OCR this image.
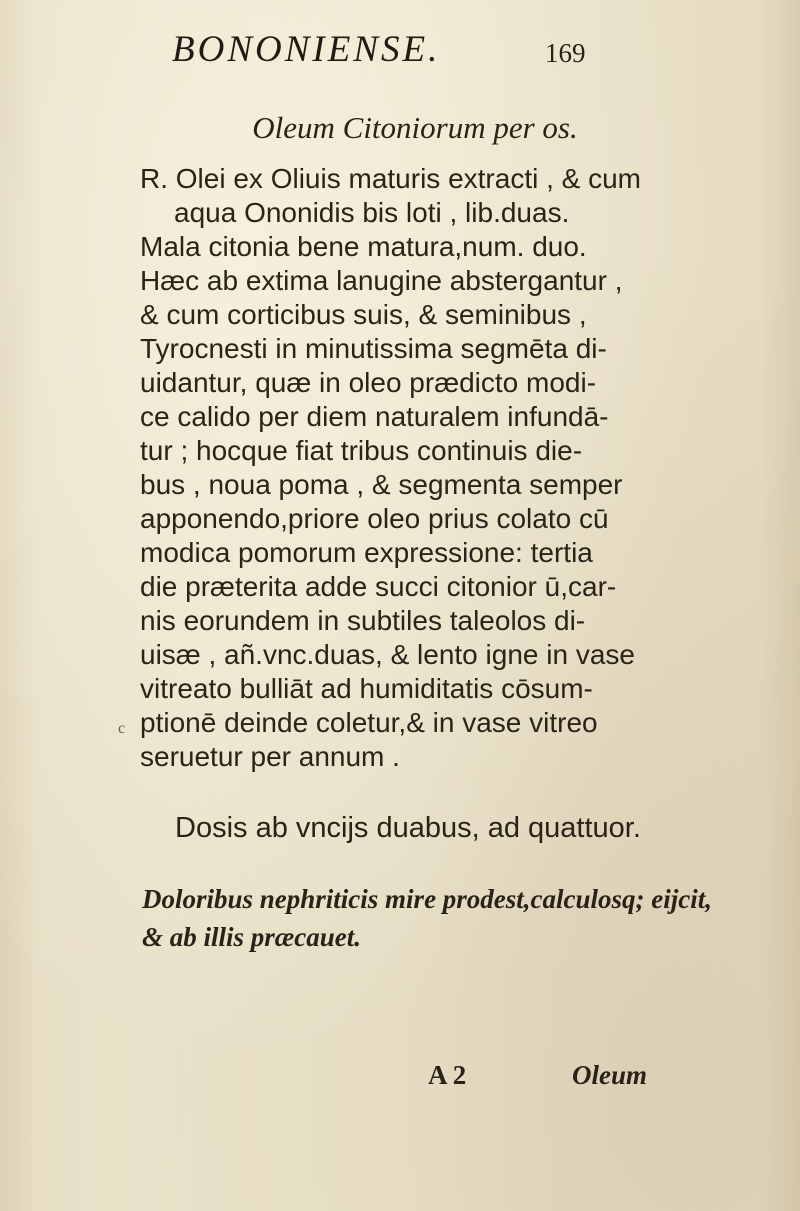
BONONIENSE.	169
Oleum Citoniorum per os.
R. Olei ex Oliuis maturis extracti , & cum
aqua Ononidis bis loti , lib.duas.
Mala citonia bene matura,num. duo.
Hæc ab extima lanugine abstergantur ,
& cum corticibus suis, & seminibus ,
Tyrocnesti in minutissima segmēta di-
uidantur, quæ in oleo prædicto modi-
ce calido per diem naturalem infundā-
tur ; hocque fiat tribus continuis die-
bus , noua poma , & segmenta semper
apponendo,priore oleo prius colato cū
modica pomorum expressione: tertia
die præterita adde succi citonior ū,car-
nis eorundem in subtiles taleolos di-
uisæ , añ.vnc.duas, & lento igne in vase
vitreato bulliāt ad humiditatis cōsum-
ptionē deinde coletur,& in vase vitreo
seruetur per annum .
c
Dosis ab vncijs duabus, ad quattuor.
Doloribus nephriticis mire prodest,calculosq; eijcit,
& ab illis præcauet.
A 2	Oleum
